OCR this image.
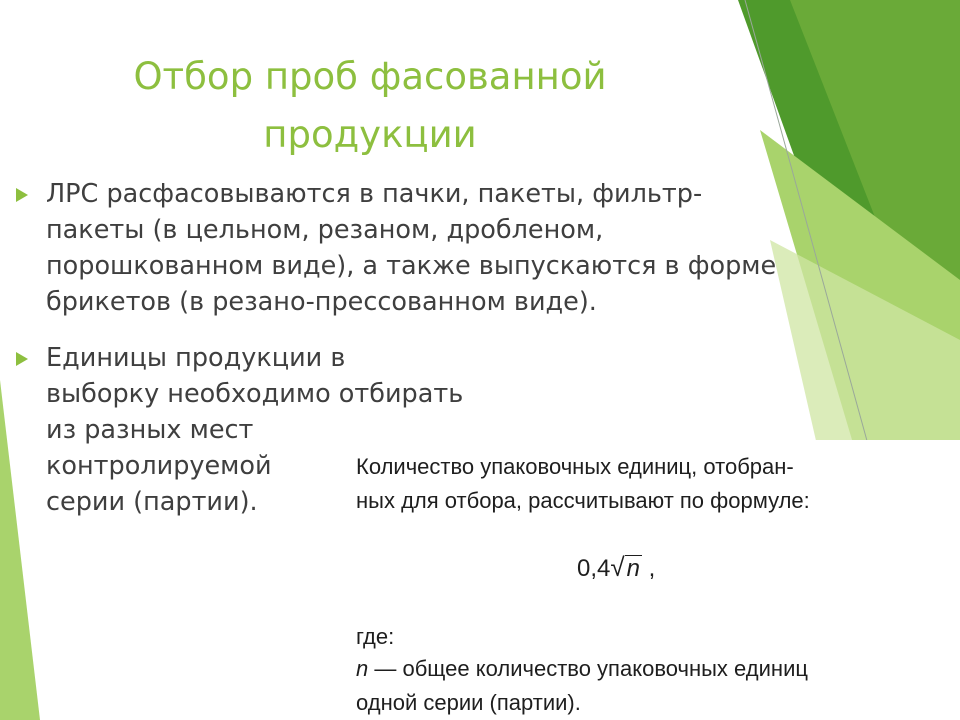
Отбор проб фасованной
продукции
ЛРС расфасовываются в пачки, пакеты, фильтр-
пакеты (в цельном, резаном, дробленом,
порошкованном виде), а также выпускаются в форме
брикетов (в резано-прессованном виде).
Единицы продукции в
выборку необходимо отбирать
из разных мест
контролируемой
серии (партии).
Количество упаковочных единиц, отобран-
ных для отбора, рассчитывают по формуле:
0,4√n ,
где:
n — общее количество упаковочных единиц
одной серии (партии).
